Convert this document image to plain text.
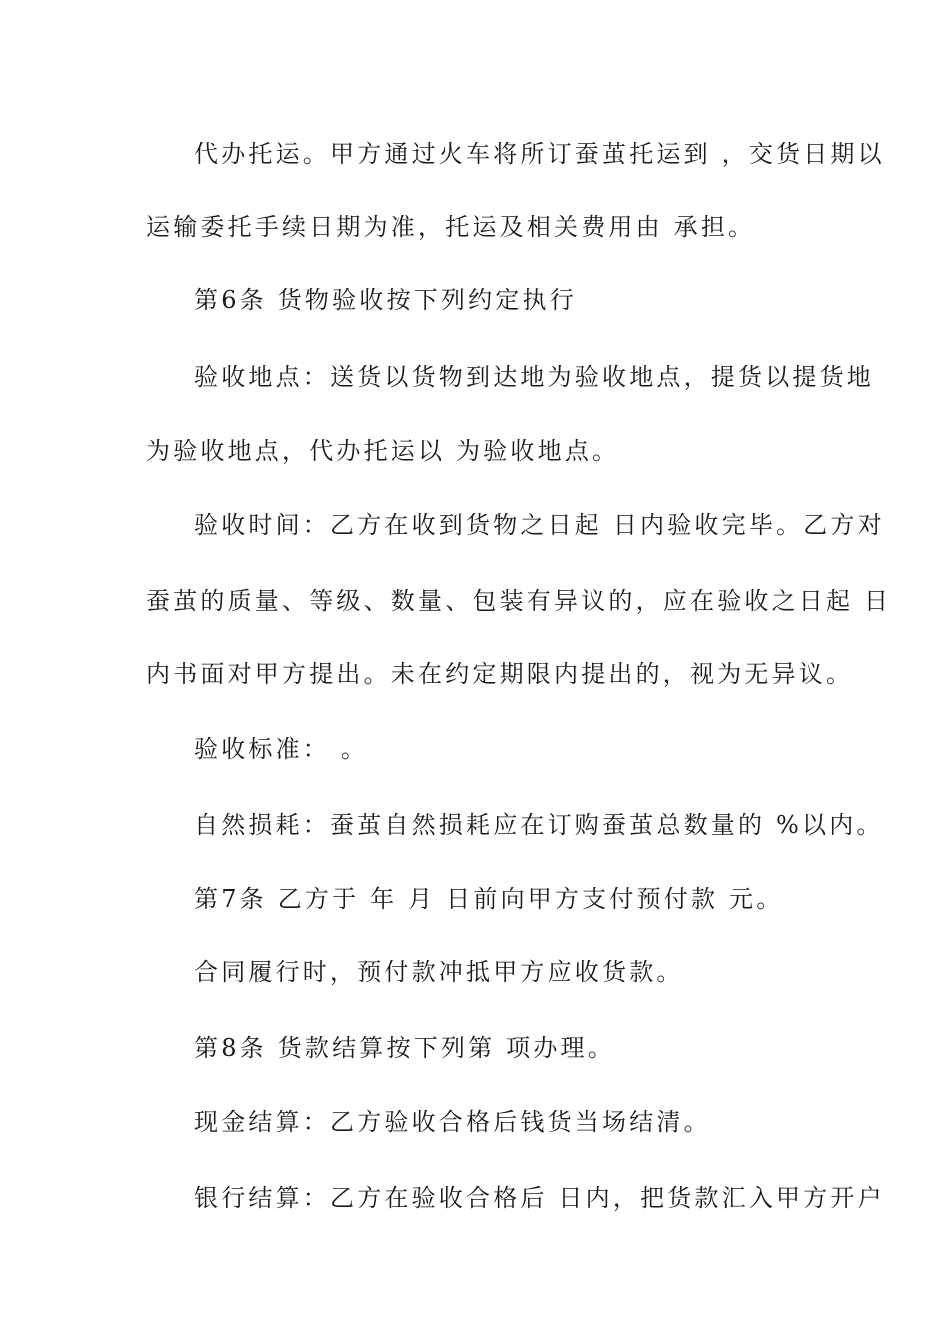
代办托运。甲方通过火车将所订蚕茧托运到 ，交货日期以
运输委托手续日期为准，托运及相关费用由 承担。
第6条 货物验收按下列约定执行
验收地点：送货以货物到达地为验收地点，提货以提货地
为验收地点，代办托运以 为验收地点。
验收时间：乙方在收到货物之日起 日内验收完毕。乙方对
蚕茧的质量、等级、数量、包装有异议的，应在验收之日起 日
内书面对甲方提出。未在约定期限内提出的，视为无异议。
验收标准： 。
自然损耗：蚕茧自然损耗应在订购蚕茧总数量的 %以内。
第7条 乙方于 年 月 日前向甲方支付预付款 元。
合同履行时，预付款冲抵甲方应收货款。
第8条 货款结算按下列第 项办理。
现金结算：乙方验收合格后钱货当场结清。
银行结算：乙方在验收合格后 日内，把货款汇入甲方开户
